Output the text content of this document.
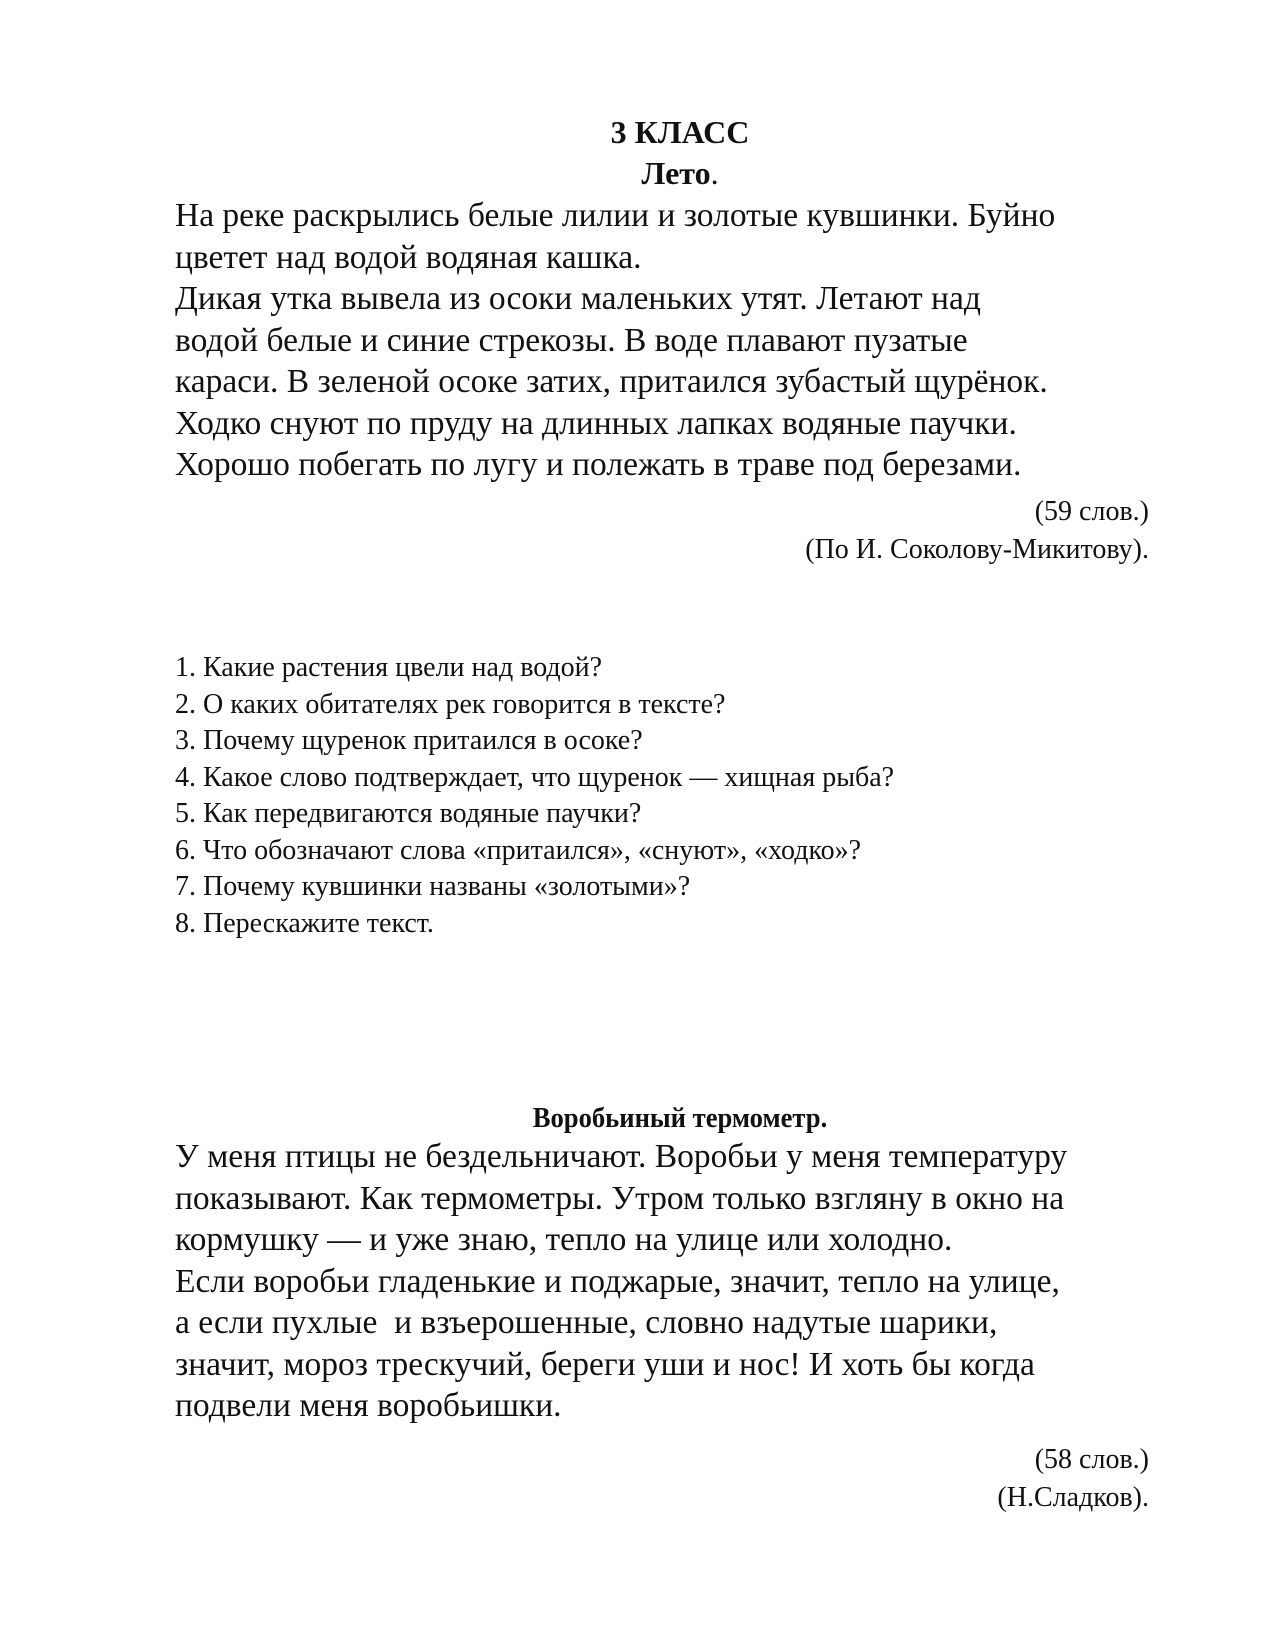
3 КЛАСС
Лето.
На реке раскрылись белые лилии и золотые кувшинки. Буйно
цветет над водой водяная кашка.
Дикая утка вывела из осоки маленьких утят. Летают над
водой белые и синие стрекозы. В воде плавают пузатые
караси. В зеленой осоке затих, притаился зубастый щурёнок.
Ходко снуют по пруду на длинных лапках водяные паучки.
Хорошо побегать по лугу и полежать в траве под березами.
(59 слов.)
(По И. Соколову-Микитову).
1. Какие растения цвели над водой?
2. О каких обитателях рек говорится в тексте?
3. Почему щуренок притаился в осоке?
4. Какое слово подтверждает, что щуренок — хищная рыба?
5. Как передвигаются водяные паучки?
6. Что обозначают слова «притаился», «снуют», «ходко»?
7. Почему кувшинки названы «золотыми»?
8. Перескажите текст.
Воробьиный термометр.
У меня птицы не бездельничают. Воробьи у меня температуру
показывают. Как термометры. Утром только взгляну в окно на
кормушку — и уже знаю, тепло на улице или холодно.
Если воробьи гладенькие и поджарые, значит, тепло на улице,
а если пухлые  и взъерошенные, словно надутые шарики,
значит, мороз трескучий, береги уши и нос! И хоть бы когда
подвели меня воробьишки.
(58 слов.)
(Н.Сладков).
